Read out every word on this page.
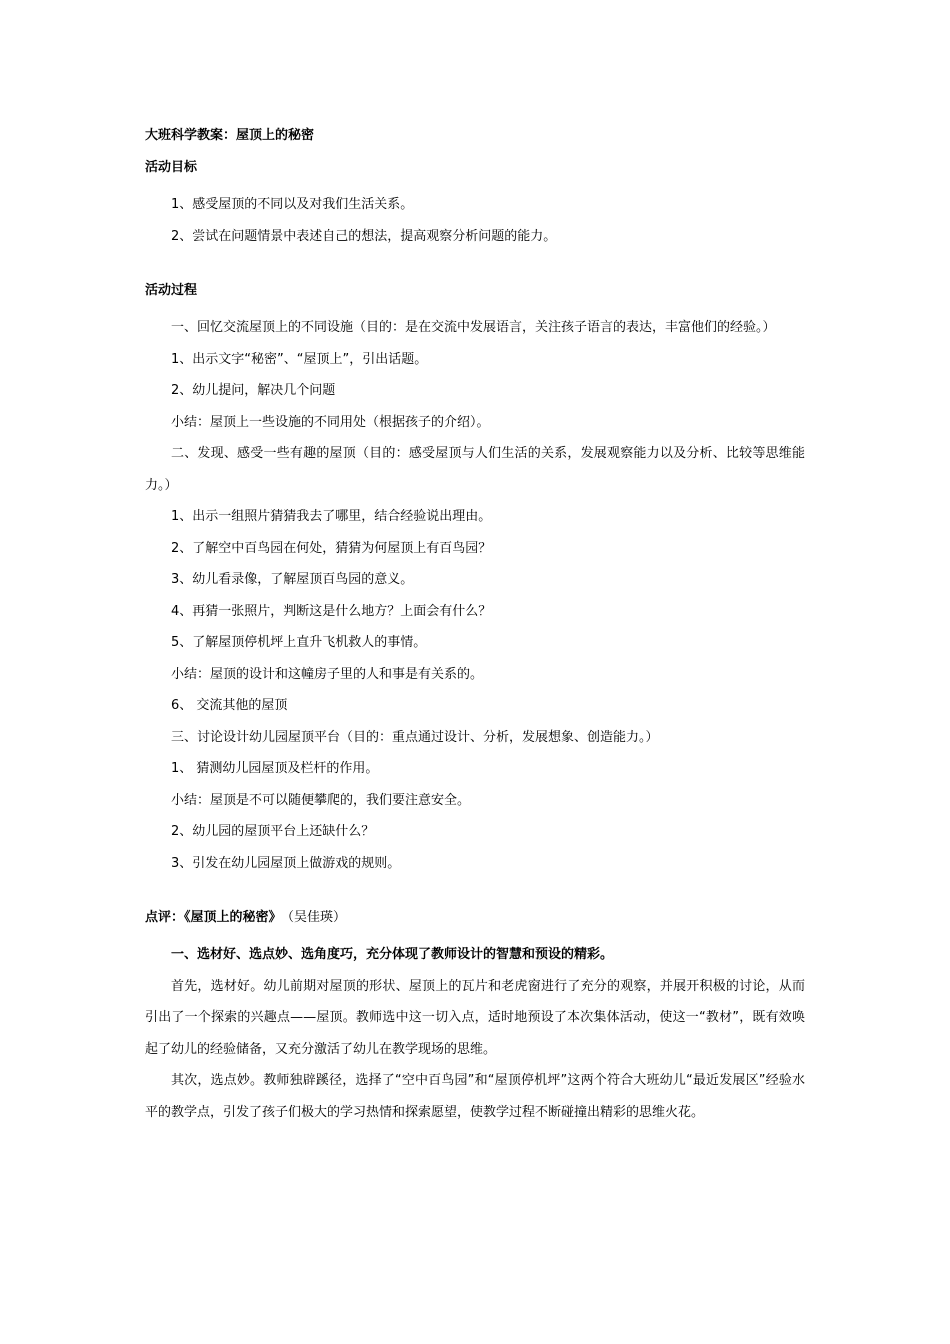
大班科学教案：屋顶上的秘密
活动目标

1、感受屋顶的不同以及对我们生活关系。

2、尝试在问题情景中表述自己的想法，提高观察分析问题的能力。

活动过程

一、回忆交流屋顶上的不同设施（目的：是在交流中发展语言，关注孩子语言的表达，丰富他们的经验。）

1、出示文字“秘密”、“屋顶上”，引出话题。

2、幼儿提问，解决几个问题

小结：屋顶上一些设施的不同用处（根据孩子的介绍）。

二、发现、感受一些有趣的屋顶（目的：感受屋顶与人们生活的关系，发展观察能力以及分析、比较等思维能力。）

1、出示一组照片猜猜我去了哪里，结合经验说出理由。

2、了解空中百鸟园在何处，猜猜为何屋顶上有百鸟园？

3、幼儿看录像，了解屋顶百鸟园的意义。

4、再猜一张照片，判断这是什么地方？上面会有什么？

5、了解屋顶停机坪上直升飞机救人的事情。

小结：屋顶的设计和这幢房子里的人和事是有关系的。

6、 交流其他的屋顶

三、讨论设计幼儿园屋顶平台（目的：重点通过设计、分析，发展想象、创造能力。）

1、 猜测幼儿园屋顶及栏杆的作用。

小结：屋顶是不可以随便攀爬的，我们要注意安全。

2、幼儿园的屋顶平台上还缺什么？

3、引发在幼儿园屋顶上做游戏的规则。

点评：《屋顶上的秘密》 （吴佳瑛）

一、选材好、选点妙、选角度巧，充分体现了教师设计的智慧和预设的精彩。

首先，选材好。幼儿前期对屋顶的形状、屋顶上的瓦片和老虎窗进行了充分的观察，并展开积极的讨论，从而引出了一个探索的兴趣点——屋顶。教师选中这一切入点，适时地预设了本次集体活动，使这一“教材”，既有效唤起了幼儿的经验储备，又充分激活了幼儿在教学现场的思维。

其次，选点妙。教师独辟蹊径，选择了“空中百鸟园”和“屋顶停机坪”这两个符合大班幼儿“最近发展区”经验水平的教学点，引发了孩子们极大的学习热情和探索愿望，使教学过程不断碰撞出精彩的思维火花。
